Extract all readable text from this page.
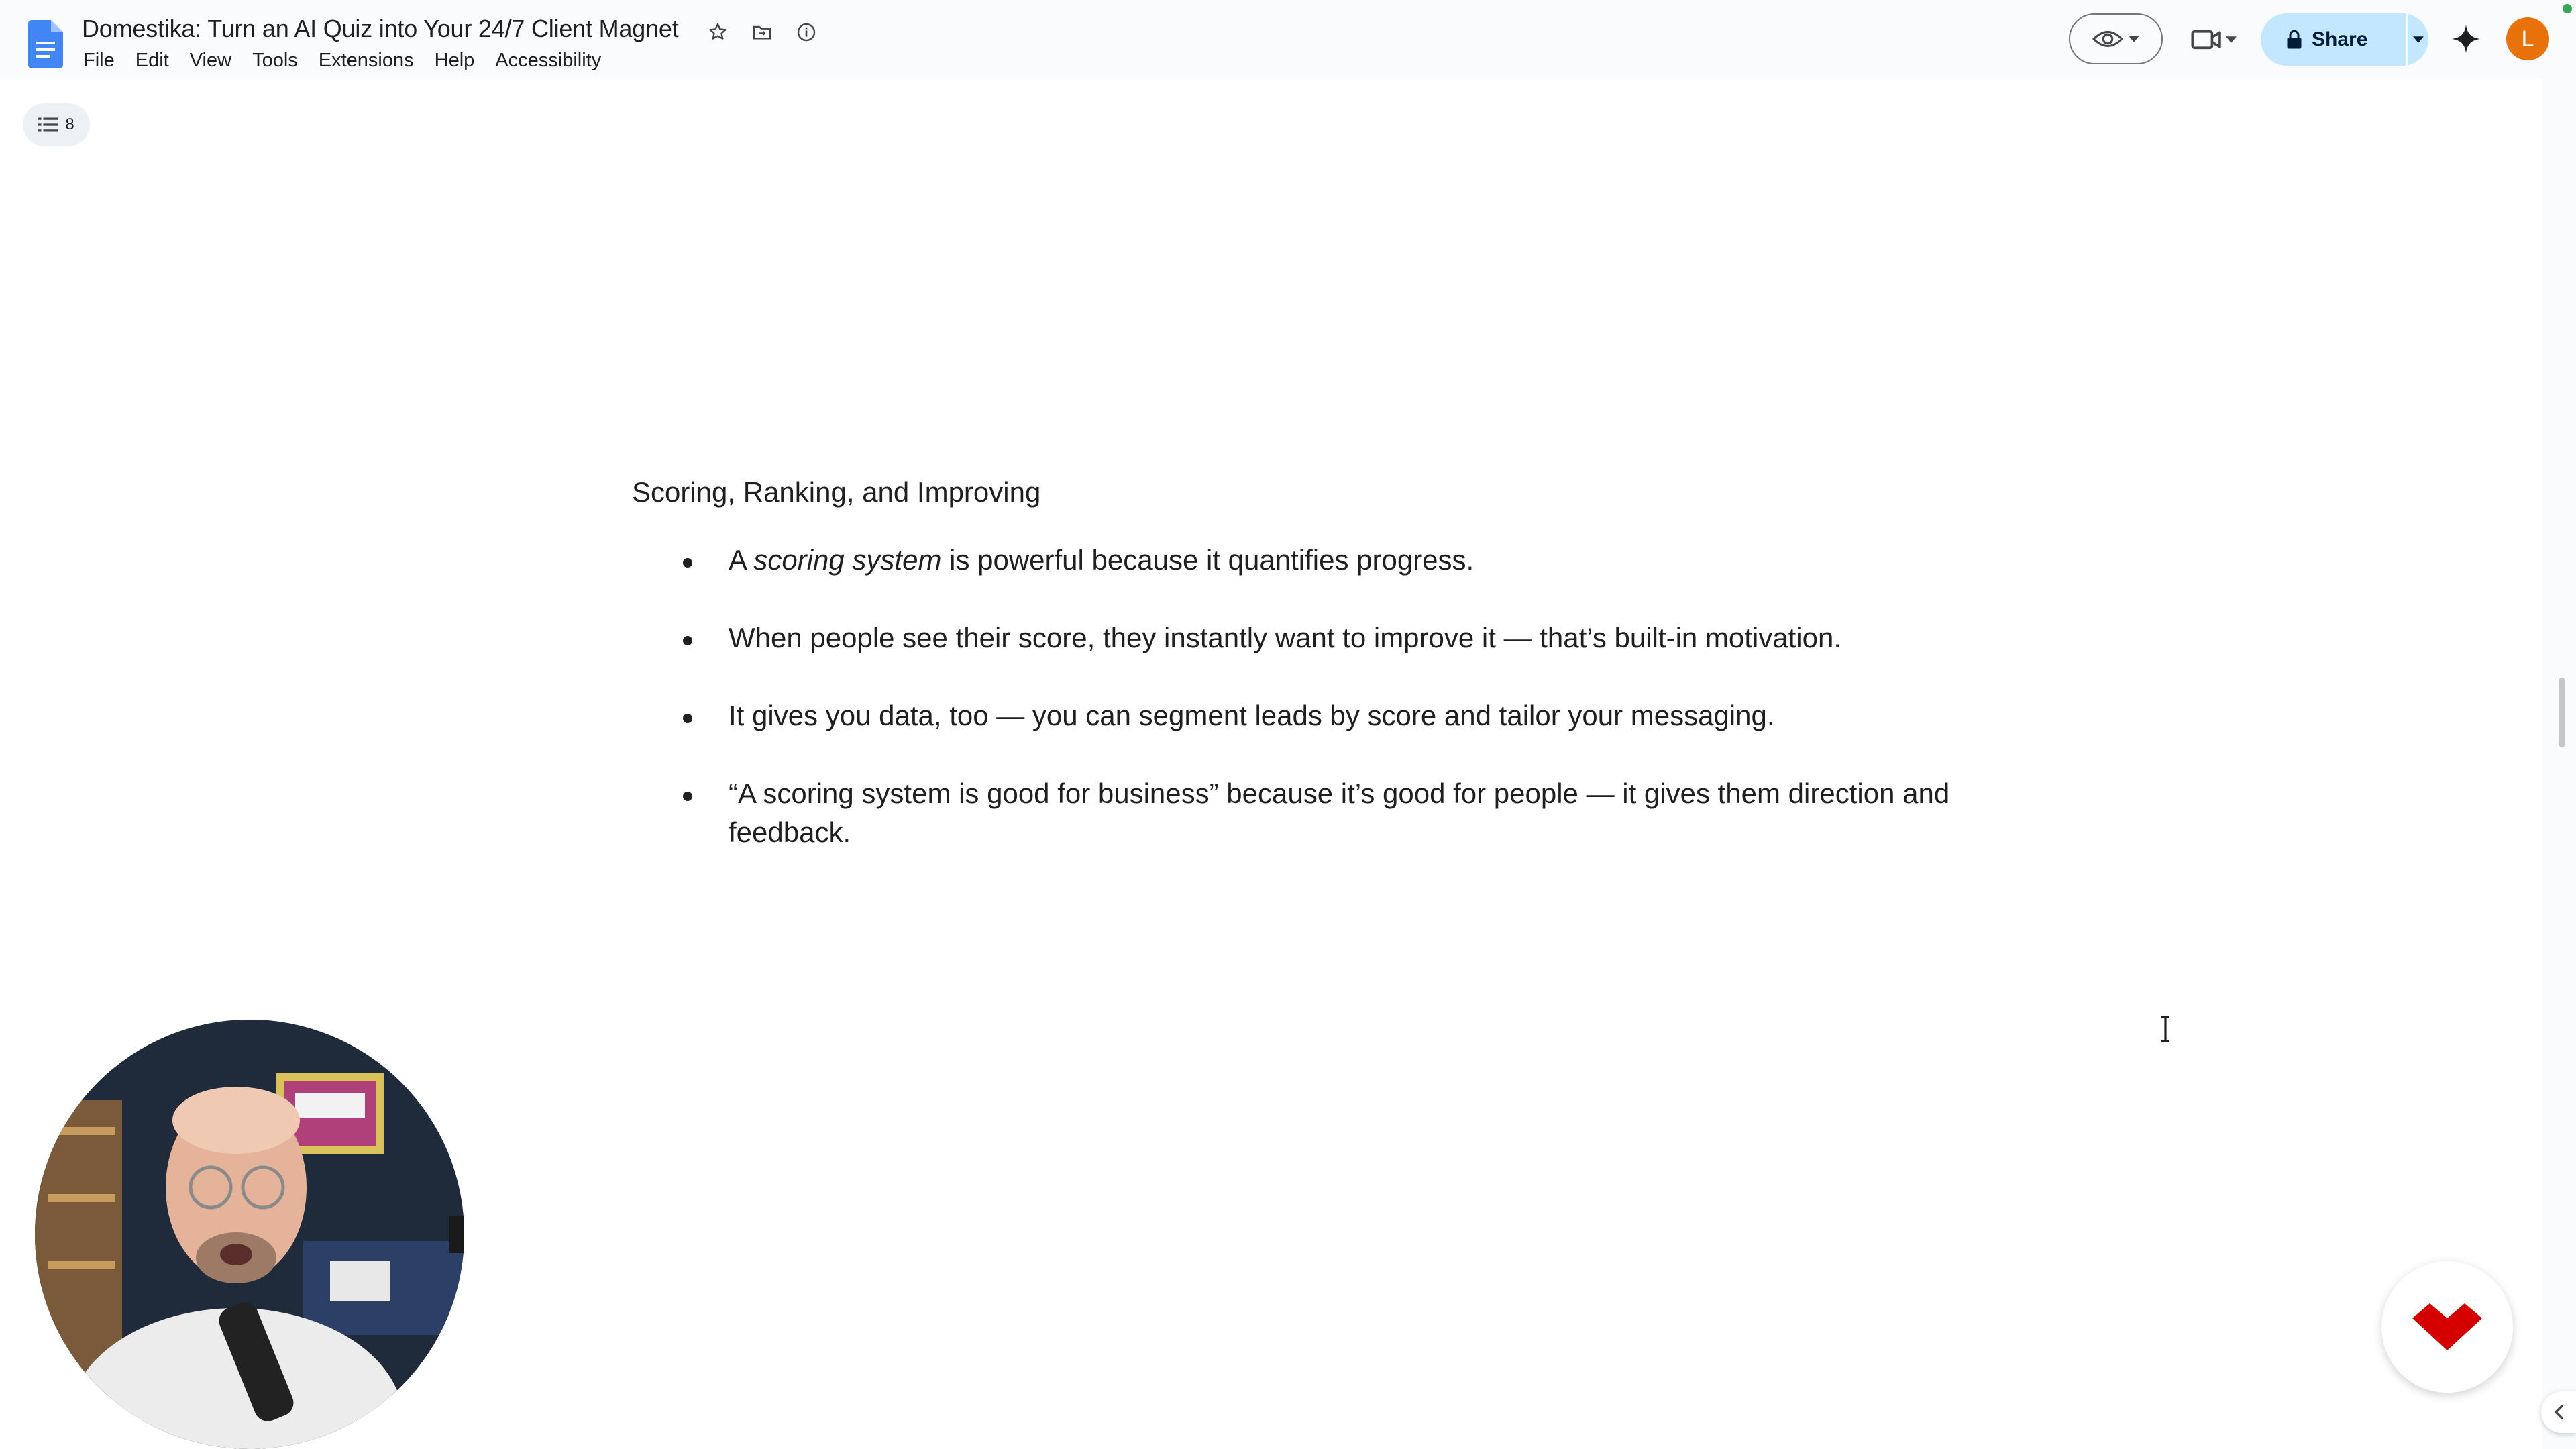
Domestika: Turn an AI Quiz into Your 24/7 Client Magnet
File	Edit	View	Tools	Extensions	Help	Accessibility
Share	L
8
Scoring, Ranking, and Improving
A scoring system is powerful because it quantifies progress.
When people see their score, they instantly want to improve it — that’s built-in motivation.
It gives you data, too — you can segment leads by score and tailor your messaging.
“A scoring system is good for business” because it’s good for people — it gives them direction and feedback.
